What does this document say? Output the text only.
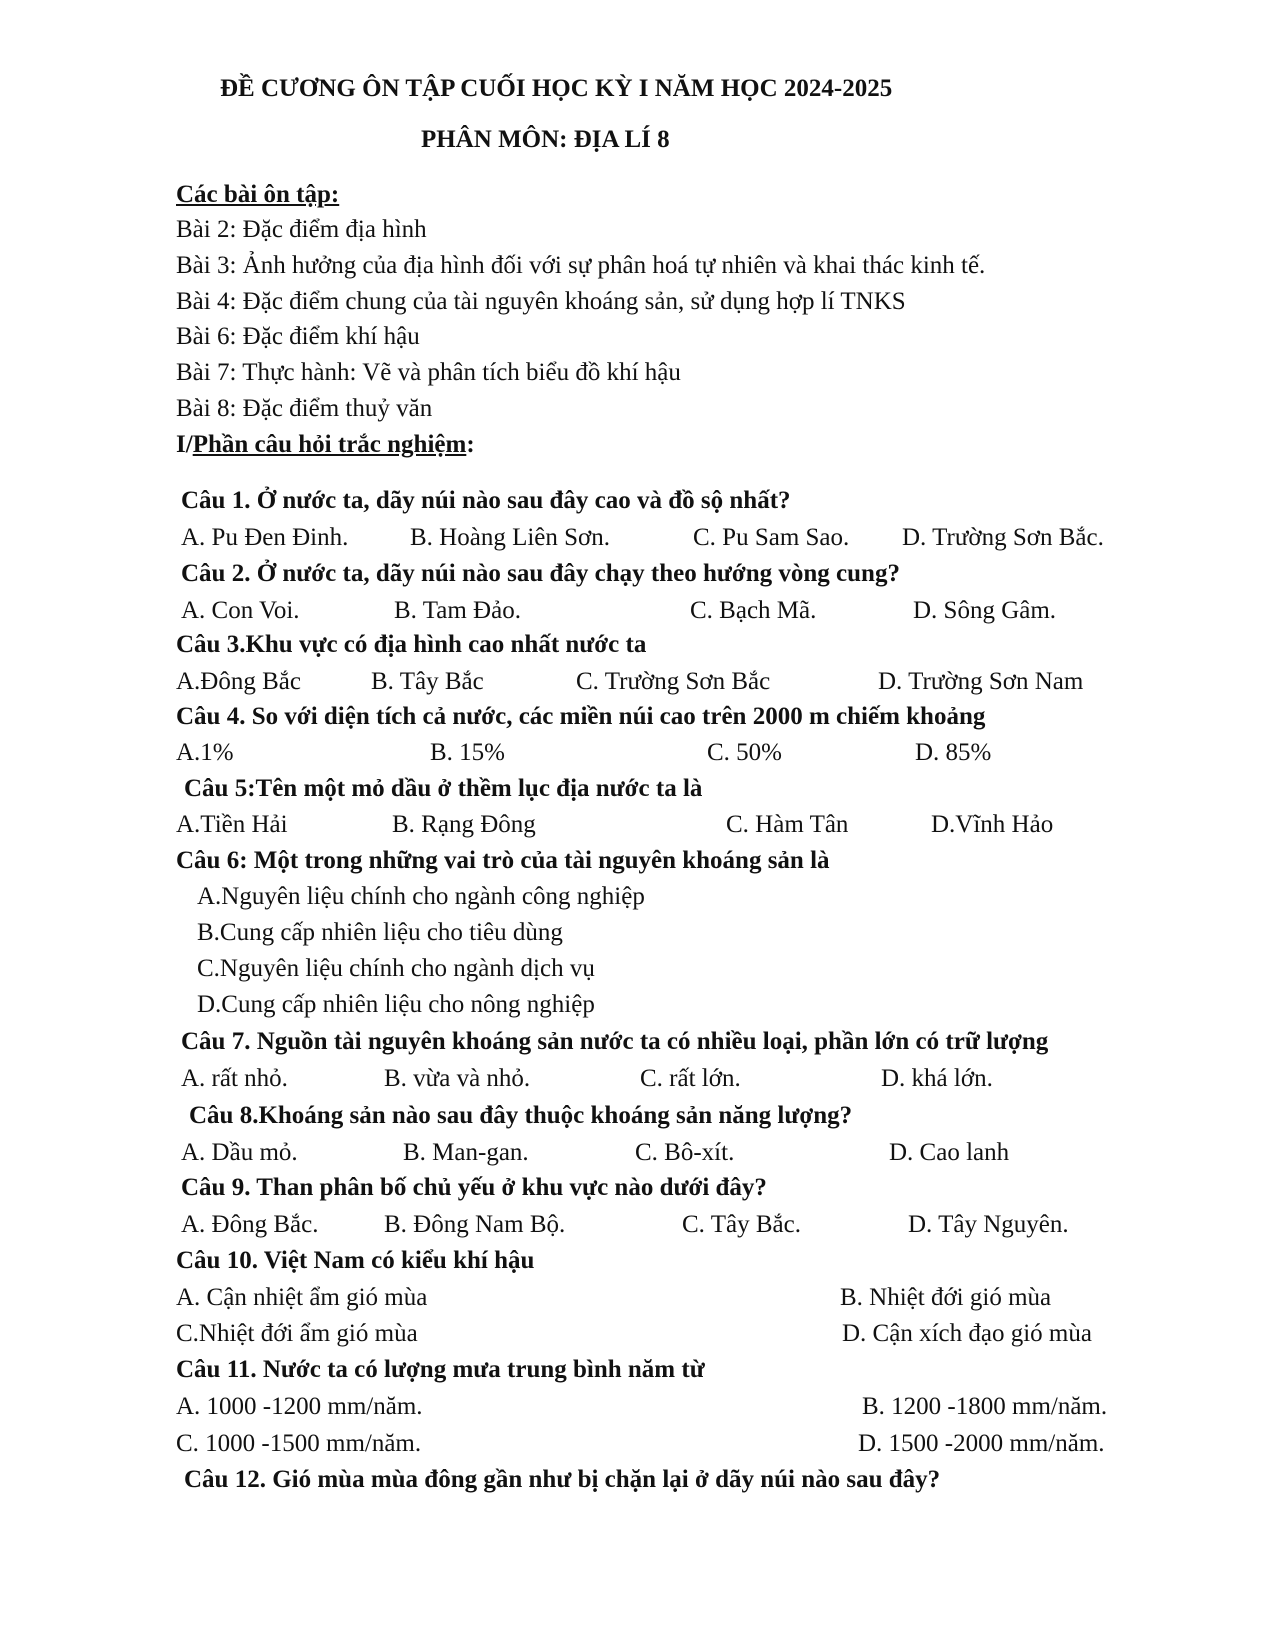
ĐỀ CƯƠNG ÔN TẬP CUỐI HỌC KỲ I NĂM HỌC 2024-2025
PHÂN MÔN: ĐỊA LÍ 8
Các bài ôn tập:
Bài 2: Đặc điểm địa hình
Bài 3: Ảnh hưởng của địa hình đối với sự phân hoá tự nhiên và khai thác kinh tế.
Bài 4: Đặc điểm chung của tài nguyên khoáng sản, sử dụng hợp lí TNKS
Bài 6: Đặc điểm khí hậu
Bài 7: Thực hành: Vẽ và phân tích biểu đồ khí hậu
Bài 8: Đặc điểm thuỷ văn
I/Phần câu hỏi trắc nghiệm:
Câu 1. Ở nước ta, dãy núi nào sau đây cao và đồ sộ nhất?
A. Pu Đen Đinh. B. Hoàng Liên Sơn.	C. Pu Sam Sao. D. Trường Sơn Bắc.
Câu 2. Ở nước ta, dãy núi nào sau đây chạy theo hướng vòng cung?
A. Con Voi.	B. Tam Đảo.	C. Bạch Mã.	D. Sông Gâm.
Câu 3.Khu vực có địa hình cao nhất nước ta
A.Đông Bắc	B. Tây Bắc	C. Trường Sơn Bắc	D. Trường Sơn Nam
Câu 4. So với diện tích cả nước, các miền núi cao trên 2000 m chiếm khoảng
A.1%	B. 15%	C. 50%	D. 85%
Câu 5:Tên một mỏ dầu ở thềm lục địa nước ta là
A.Tiền Hải	B. Rạng Đông	C. Hàm Tân	D.Vĩnh Hảo
Câu 6: Một trong những vai trò của tài nguyên khoáng sản là
A.Nguyên liệu chính cho ngành công nghiệp
B.Cung cấp nhiên liệu cho tiêu dùng
C.Nguyên liệu chính cho ngành dịch vụ
D.Cung cấp nhiên liệu cho nông nghiệp
Câu 7. Nguồn tài nguyên khoáng sản nước ta có nhiều loại, phần lớn có trữ lượng
A. rất nhỏ.	B. vừa và nhỏ.	C. rất lớn.	D. khá lớn.
Câu 8.Khoáng sản nào sau đây thuộc khoáng sản năng lượng?
A. Dầu mỏ.	B. Man-gan.	C. Bô-xít.	D. Cao lanh
Câu 9. Than phân bố chủ yếu ở khu vực nào dưới đây?
A. Đông Bắc.	B. Đông Nam Bộ.	C. Tây Bắc.	D. Tây Nguyên.
Câu 10. Việt Nam có kiểu khí hậu
A. Cận nhiệt ẩm gió mùa	B. Nhiệt đới gió mùa
C.Nhiệt đới ẩm gió mùa	D. Cận xích đạo gió mùa
Câu 11. Nước ta có lượng mưa trung bình năm từ
A. 1000 -1200 mm/năm.	B. 1200 -1800 mm/năm.
C. 1000 -1500 mm/năm.	D. 1500 -2000 mm/năm.
Câu 12. Gió mùa mùa đông gần như bị chặn lại ở dãy núi nào sau đây?
